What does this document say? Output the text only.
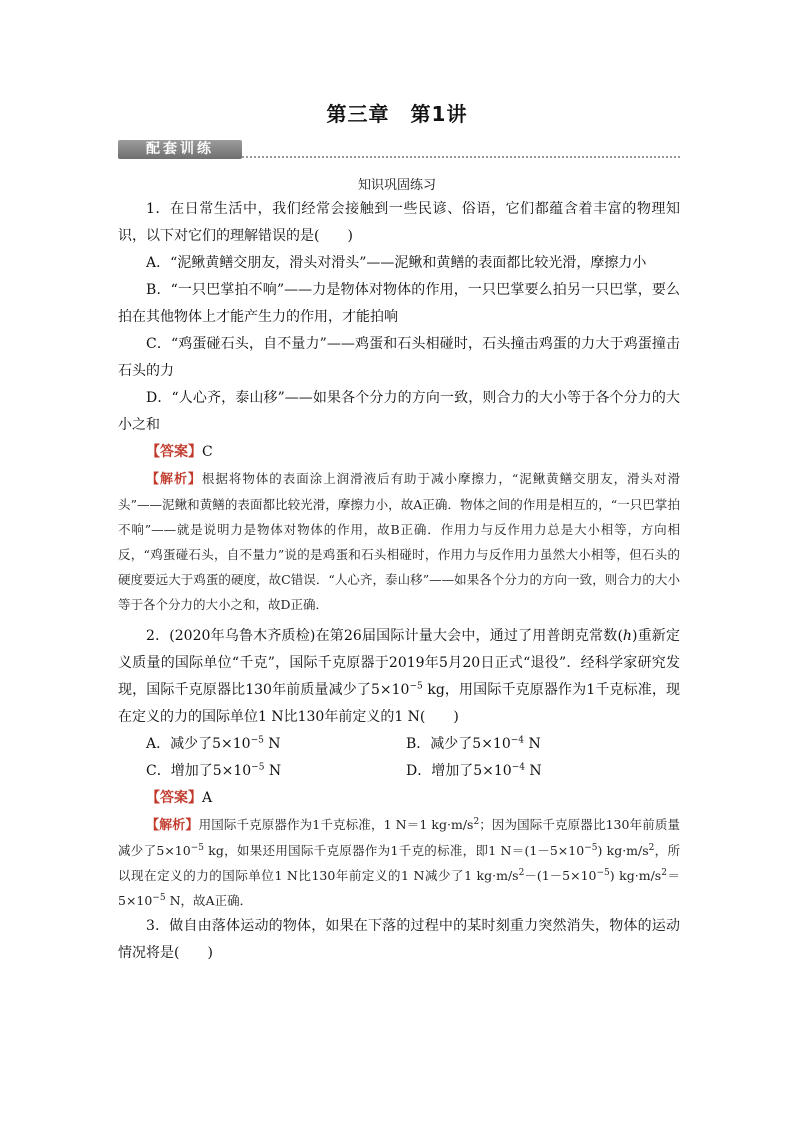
第三章　第1讲
配套训练
知识巩固练习

1．在日常生活中，我们经常会接触到一些民谚、俗语，它们都蕴含着丰富的物理知识，以下对它们的理解错误的是(　　)

A．“泥鳅黄鳝交朋友，滑头对滑头”——泥鳅和黄鳝的表面都比较光滑，摩擦力小

B．“一只巴掌拍不响”——力是物体对物体的作用，一只巴掌要么拍另一只巴掌，要么拍在其他物体上才能产生力的作用，才能拍响

C．“鸡蛋碰石头，自不量力”——鸡蛋和石头相碰时，石头撞击鸡蛋的力大于鸡蛋撞击石头的力

D．“人心齐，泰山移”——如果各个分力的方向一致，则合力的大小等于各个分力的大小之和

【答案】C

【解析】根据将物体的表面涂上润滑液后有助于减小摩擦力，“泥鳅黄鳝交朋友，滑头对滑头”——泥鳅和黄鳝的表面都比较光滑，摩擦力小，故A正确．物体之间的作用是相互的，“一只巴掌拍不响”——就是说明力是物体对物体的作用，故B正确．作用力与反作用力总是大小相等，方向相反，“鸡蛋碰石头，自不量力”说的是鸡蛋和石头相碰时，作用力与反作用力虽然大小相等，但石头的硬度要远大于鸡蛋的硬度，故C错误．“人心齐，泰山移”——如果各个分力的方向一致，则合力的大小等于各个分力的大小之和，故D正确．

2．(2020年乌鲁木齐质检)在第26届国际计量大会中，通过了用普朗克常数(h)重新定义质量的国际单位“千克”，国际千克原器于2019年5月20日正式“退役”．经科学家研究发现，国际千克原器比130年前质量减少了$5\times 10^{-5}$ kg，用国际千克原器作为1千克标准，现在定义的力的国际单位1 N比130年前定义的1 N(　　)

A．减少了$5\times 10^{-5}$ N	B．减少了$5\times 10^{-4}$ N
C．增加了$5\times 10^{-5}$ N	D．增加了$5\times 10^{-4}$ N

【答案】A

【解析】用国际千克原器作为1千克标准，1 N＝1 $kg\cdot m/s^2$；因为国际千克原器比130年前质量减少了$5\times 10^{-5}$ kg，如果还用国际千克原器作为1千克的标准，即1 $N=(1-5\times 10^{-5})$ $kg\cdot m/s^2$，所以现在定义的力的国际单位1 N比130年前定义的1 N减少了1 $kg\cdot m/s^2-(1-5\times 10^{-5})$ $kg\cdot m/s^2=5\times 10^{-5}$ N，故A正确．

3．做自由落体运动的物体，如果在下落的过程中的某时刻重力突然消失，物体的运动情况将是(　　)
